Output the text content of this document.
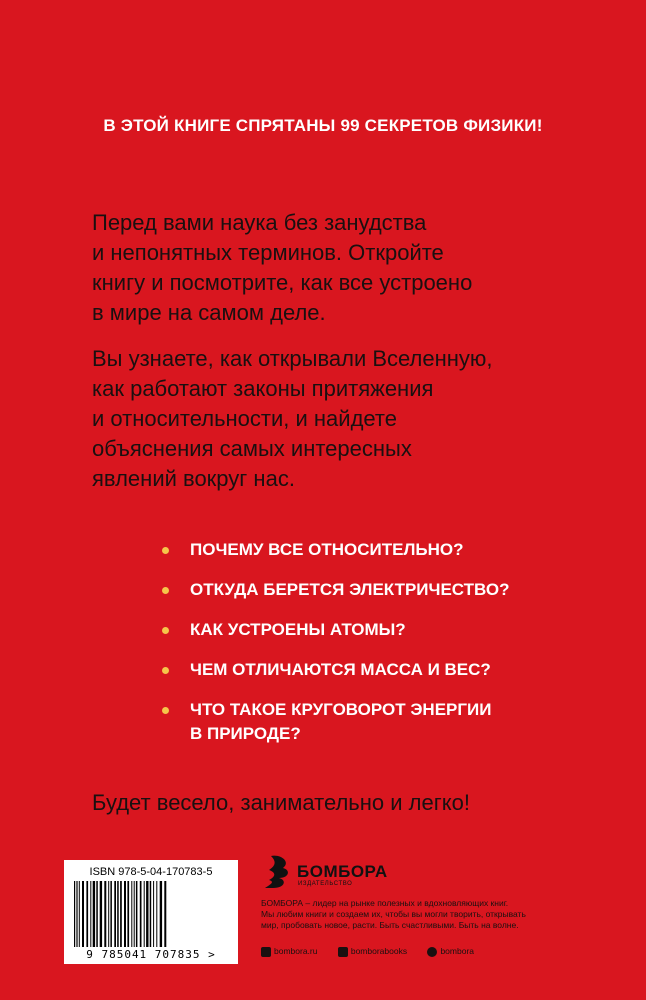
В ЭТОЙ КНИГЕ СПРЯТАНЫ 99 СЕКРЕТОВ ФИЗИКИ!
Перед вами наука без занудства
и непонятных терминов. Откройте
книгу и посмотрите, как все устроено
в мире на самом деле.
Вы узнаете, как открывали Вселенную,
как работают законы притяжения
и относительности, и найдете
объяснения самых интересных
явлений вокруг нас.
ПОЧЕМУ ВСЕ ОТНОСИТЕЛЬНО?
ОТКУДА БЕРЕТСЯ ЭЛЕКТРИЧЕСТВО?
КАК УСТРОЕНЫ АТОМЫ?
ЧЕМ ОТЛИЧАЮТСЯ МАССА И ВЕС?
ЧТО ТАКОЕ КРУГОВОРОТ ЭНЕРГИИ
В ПРИРОДЕ?
Будет весело, занимательно и легко!
ISBN 978-5-04-170783-5
9 785041 707835 >
БОМБОРА
ИЗДАТЕЛЬСТВО
БОМБОРА – лидер на рынке полезных и вдохновляющих книг.
Мы любим книги и создаем их, чтобы вы могли творить, открывать
мир, пробовать новое, расти. Быть счастливыми. Быть на волне.
bombora.ru	bomborabooks	bombora
